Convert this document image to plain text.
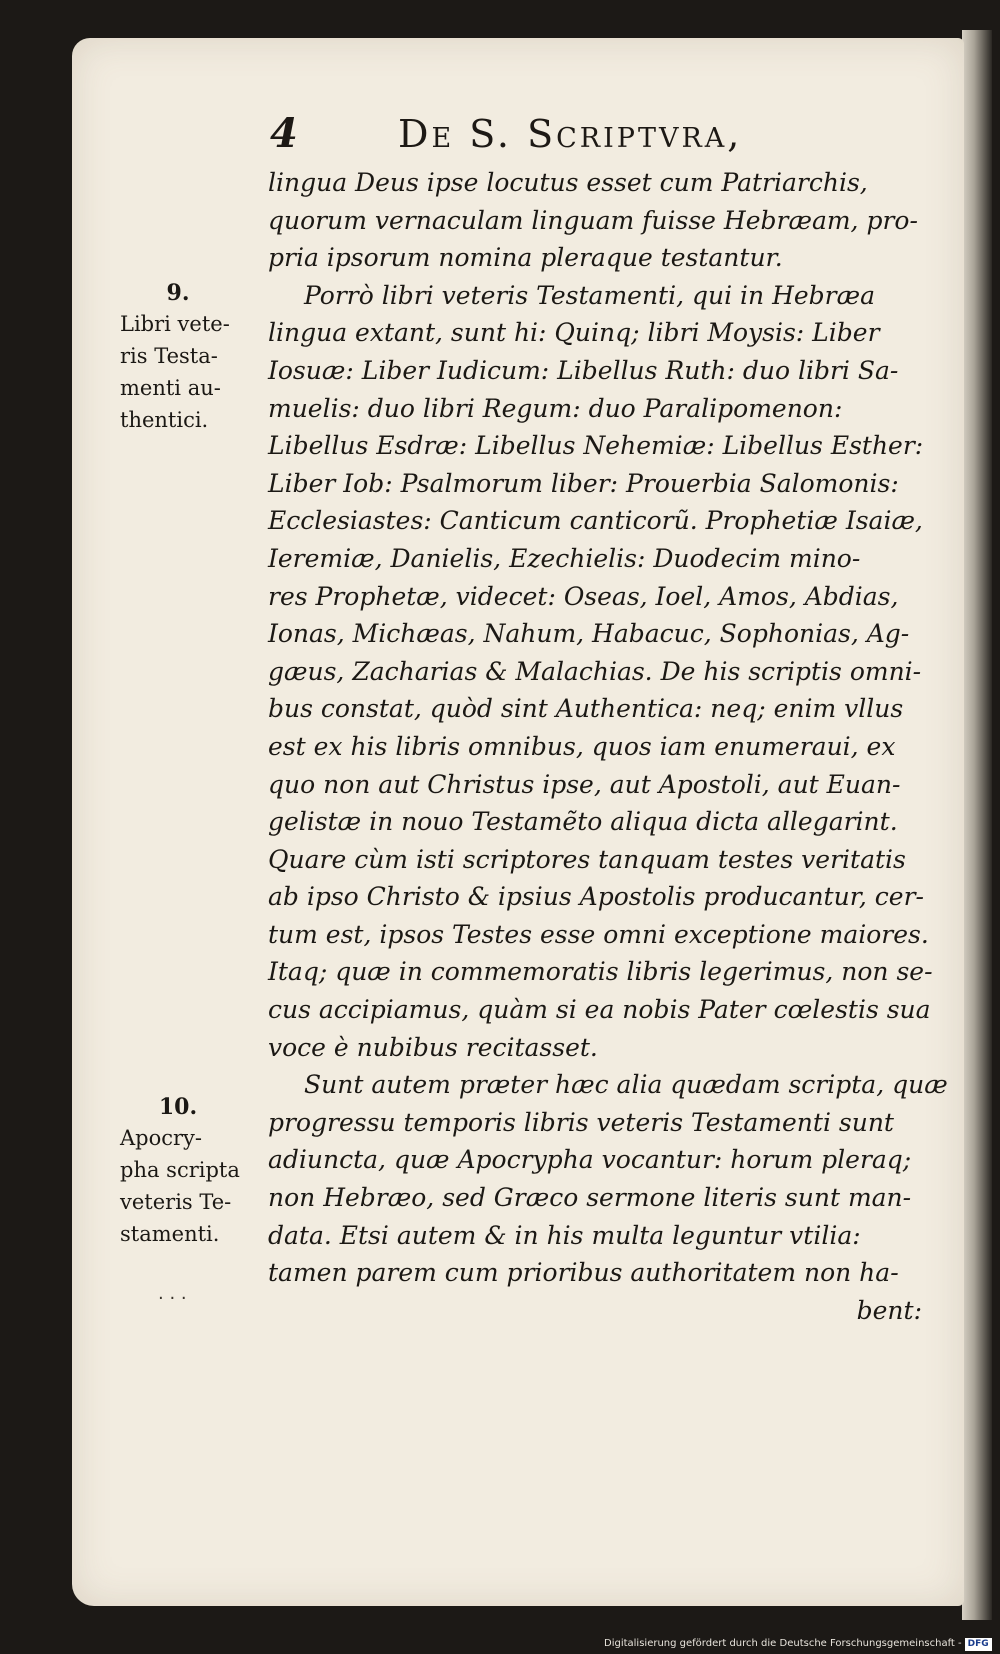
4	De S. Scriptvra,
9.
Libri vete-
ris Testa-
menti au-
thentici.
10.
Apocry-
pha scripta
veteris Te-
stamenti.
· · ·
lingua Deus ipse locutus esset cum Patriarchis,
quorum vernaculam linguam fuisse Hebræam, pro-
pria ipsorum nomina pleraque testantur.
Porrò libri veteris Testamenti, qui in Hebræa
lingua extant, sunt hi: Quinq; libri Moysis: Liber
Iosuæ: Liber Iudicum: Libellus Ruth: duo libri Sa-
muelis: duo libri Regum: duo Paralipomenon:
Libellus Esdræ: Libellus Nehemiæ: Libellus Esther:
Liber Iob: Psalmorum liber: Prouerbia Salomonis:
Ecclesiastes: Canticum canticorũ. Prophetiæ Isaiæ,
Ieremiæ, Danielis, Ezechielis: Duodecim mino-
res Prophetæ, videcet: Oseas, Ioel, Amos, Abdias,
Ionas, Michæas, Nahum, Habacuc, Sophonias, Ag-
gæus, Zacharias & Malachias. De his scriptis omni-
bus constat, quòd sint Authentica: neq; enim vllus
est ex his libris omnibus, quos iam enumeraui, ex
quo non aut Christus ipse, aut Apostoli, aut Euan-
gelistæ in nouo Testamẽto aliqua dicta allegarint.
Quare cùm isti scriptores tanquam testes veritatis
ab ipso Christo & ipsius Apostolis producantur, cer-
tum est, ipsos Testes esse omni exceptione maiores.
Itaq; quæ in commemoratis libris legerimus, non se-
cus accipiamus, quàm si ea nobis Pater cœlestis sua
voce è nubibus recitasset.
Sunt autem præter hæc alia quædam scripta, quæ
progressu temporis libris veteris Testamenti sunt
adiuncta, quæ Apocrypha vocantur: horum pleraq;
non Hebræo, sed Græco sermone literis sunt man-
data. Etsi autem & in his multa leguntur vtilia:
tamen parem cum prioribus authoritatem non ha-
bent:
Digitalisierung gefördert durch die Deutsche Forschungsgemeinschaft - DFG
